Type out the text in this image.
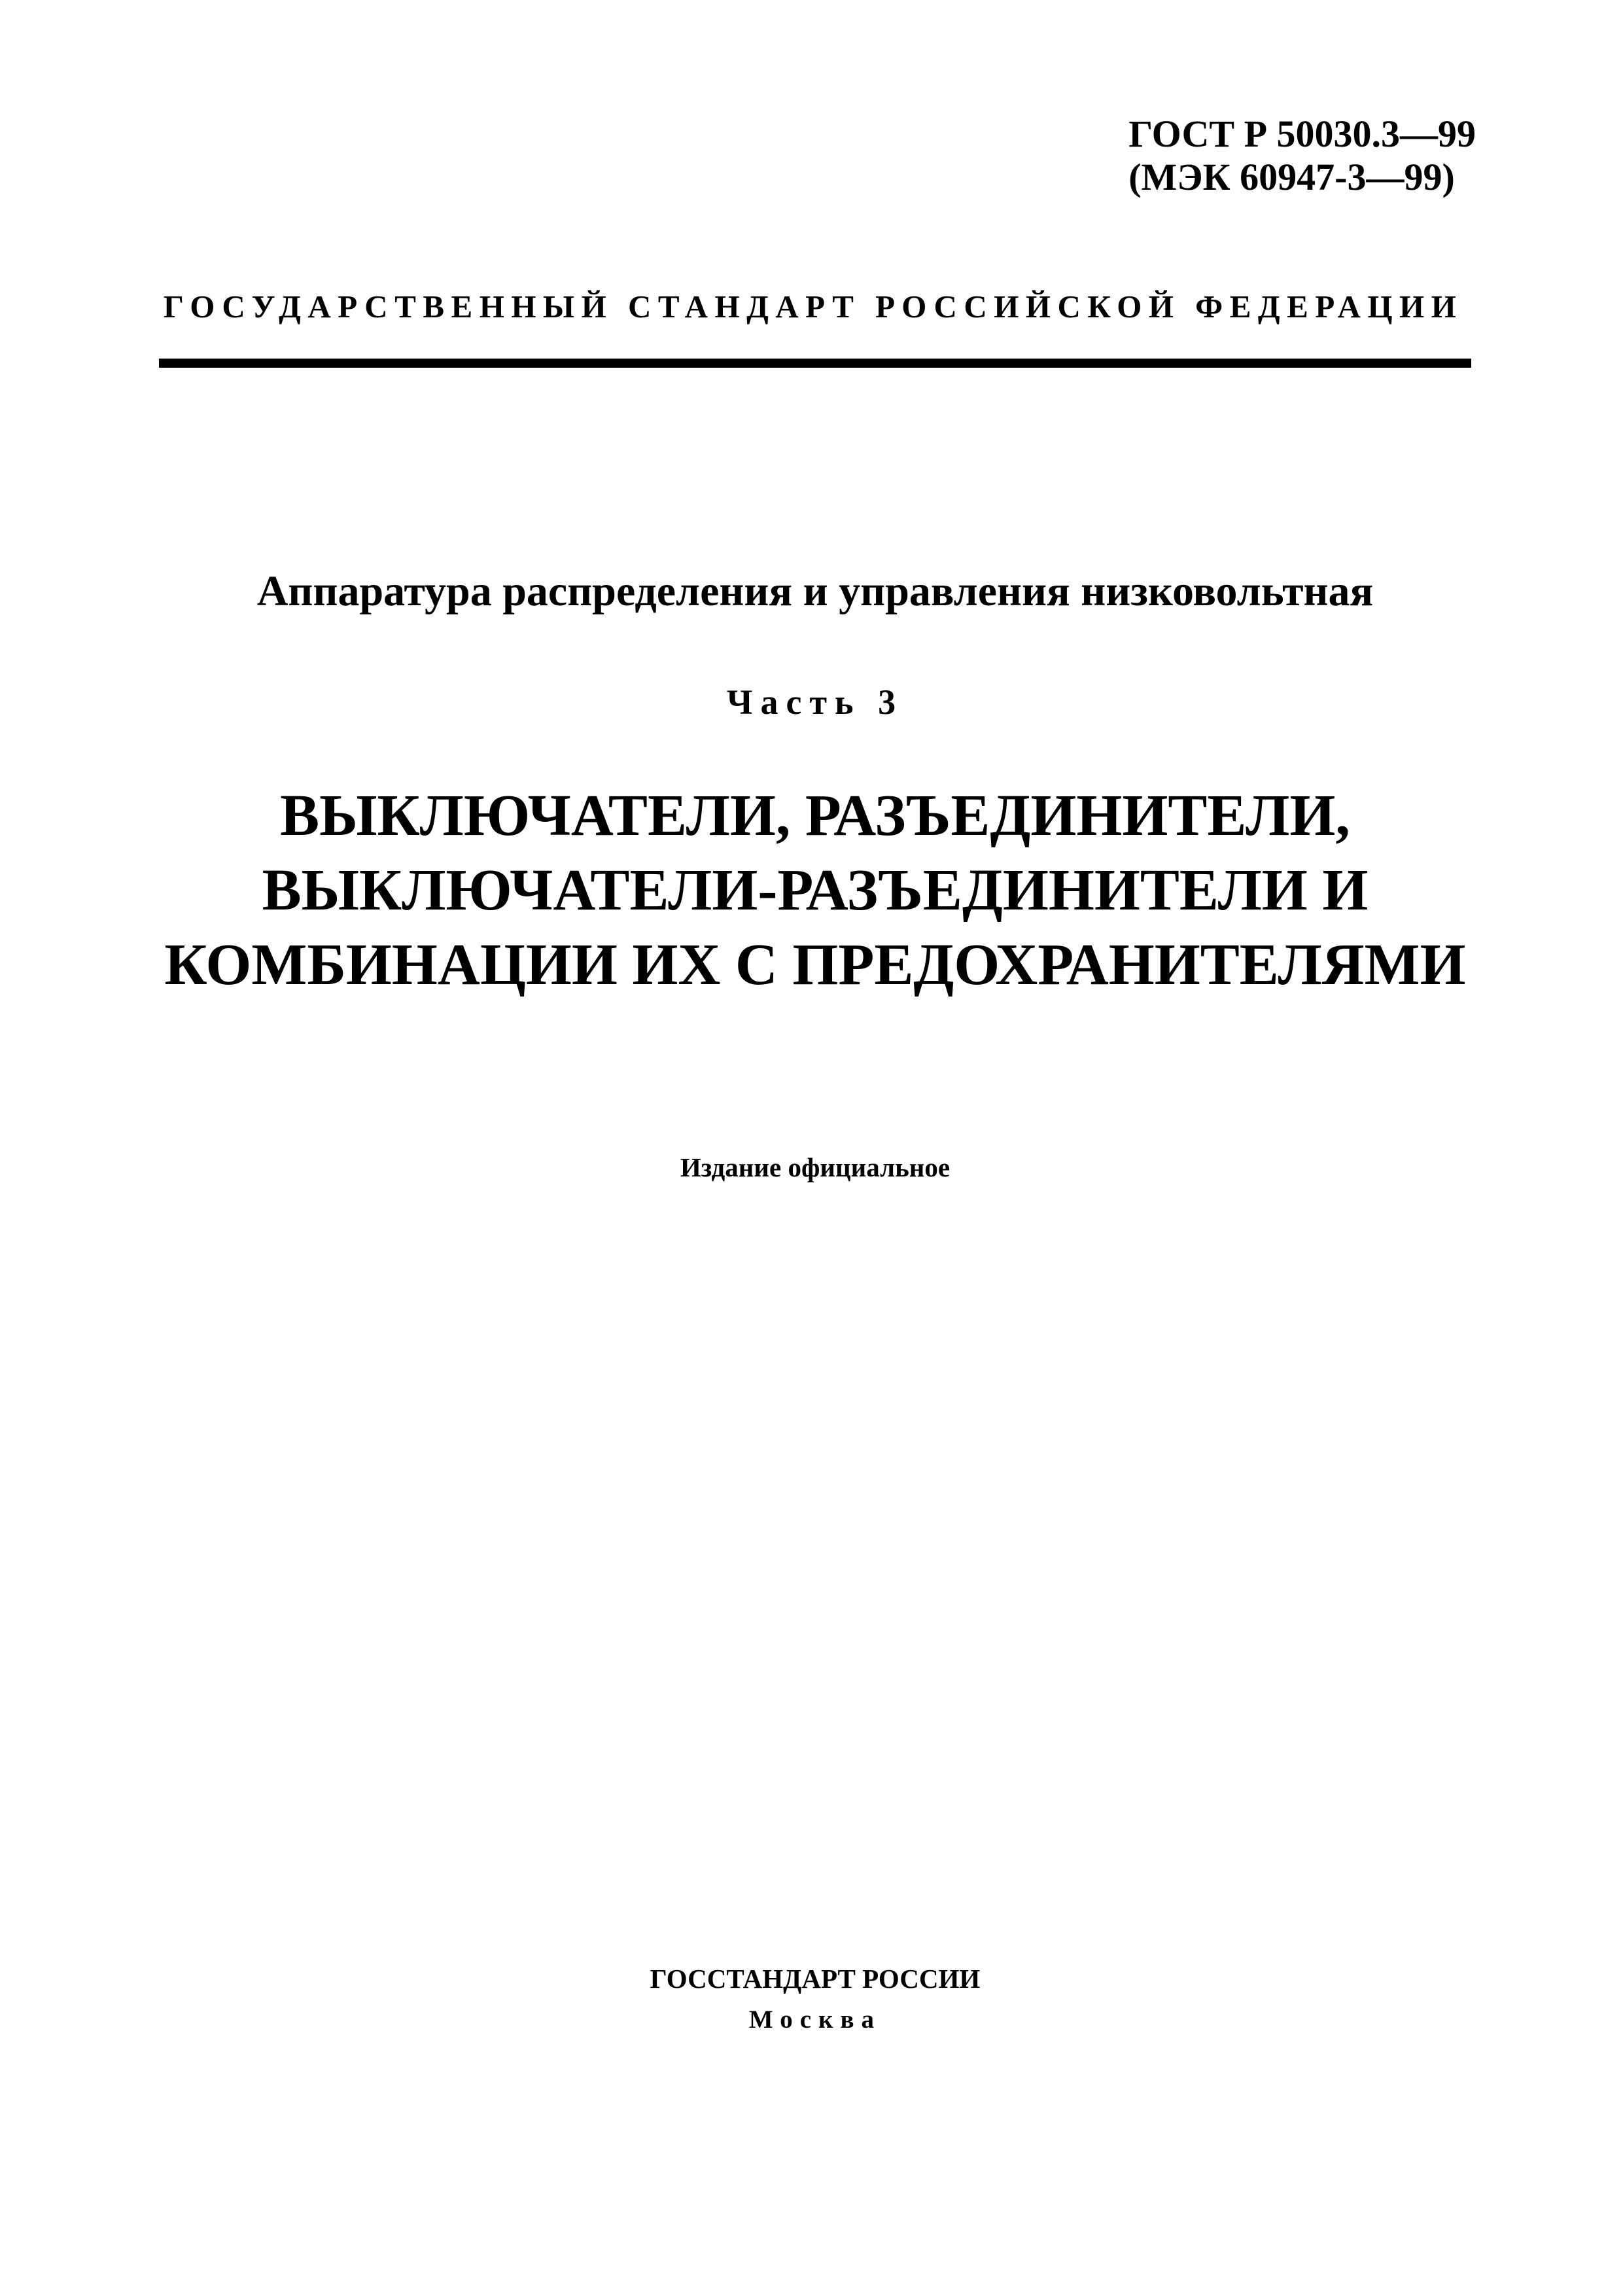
ГОСТ Р 50030.3—99
(МЭК 60947-3—99)
ГОСУДАРСТВЕННЫЙ СТАНДАРТ РОССИЙСКОЙ ФЕДЕРАЦИИ
Аппаратура распределения и управления низковольтная
Часть 3
ВЫКЛЮЧАТЕЛИ, РАЗЪЕДИНИТЕЛИ,
ВЫКЛЮЧАТЕЛИ-РАЗЪЕДИНИТЕЛИ И
КОМБИНАЦИИ ИХ С ПРЕДОХРАНИТЕЛЯМИ
Издание официальное
ГОССТАНДАРТ РОССИИ
Москва
